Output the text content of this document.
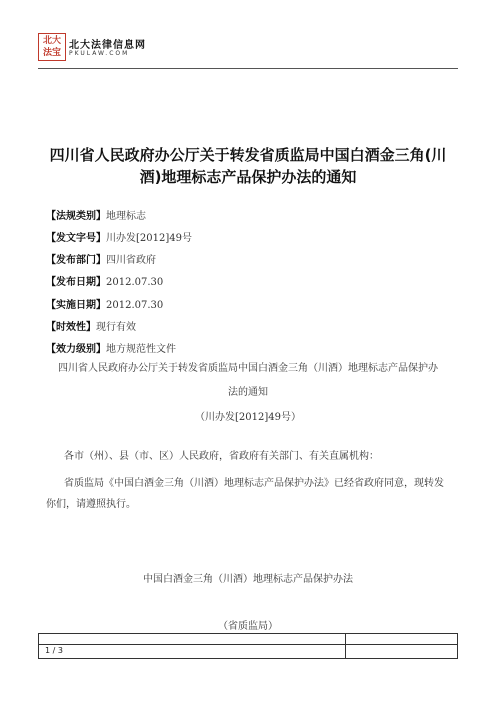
北大法宝
北大法律信息网
PKULAW.COM
四川省人民政府办公厅关于转发省质监局中国白酒金三角(川酒)地理标志产品保护办法的通知
【法规类别】地理标志
【发文字号】川办发[2012]49号
【发布部门】四川省政府
【发布日期】2012.07.30
【实施日期】2012.07.30
【时效性】现行有效
【效力级别】地方规范性文件
四川省人民政府办公厅关于转发省质监局中国白酒金三角（川酒）地理标志产品保护办
法的通知
（川办发[2012]49号）
各市（州）、县（市、区）人民政府，省政府有关部门、有关直属机构：
省质监局《中国白酒金三角（川酒）地理标志产品保护办法》已经省政府同意，现转发你们，请遵照执行。
中国白酒金三角（川酒）地理标志产品保护办法
（省质监局）
1 / 3
